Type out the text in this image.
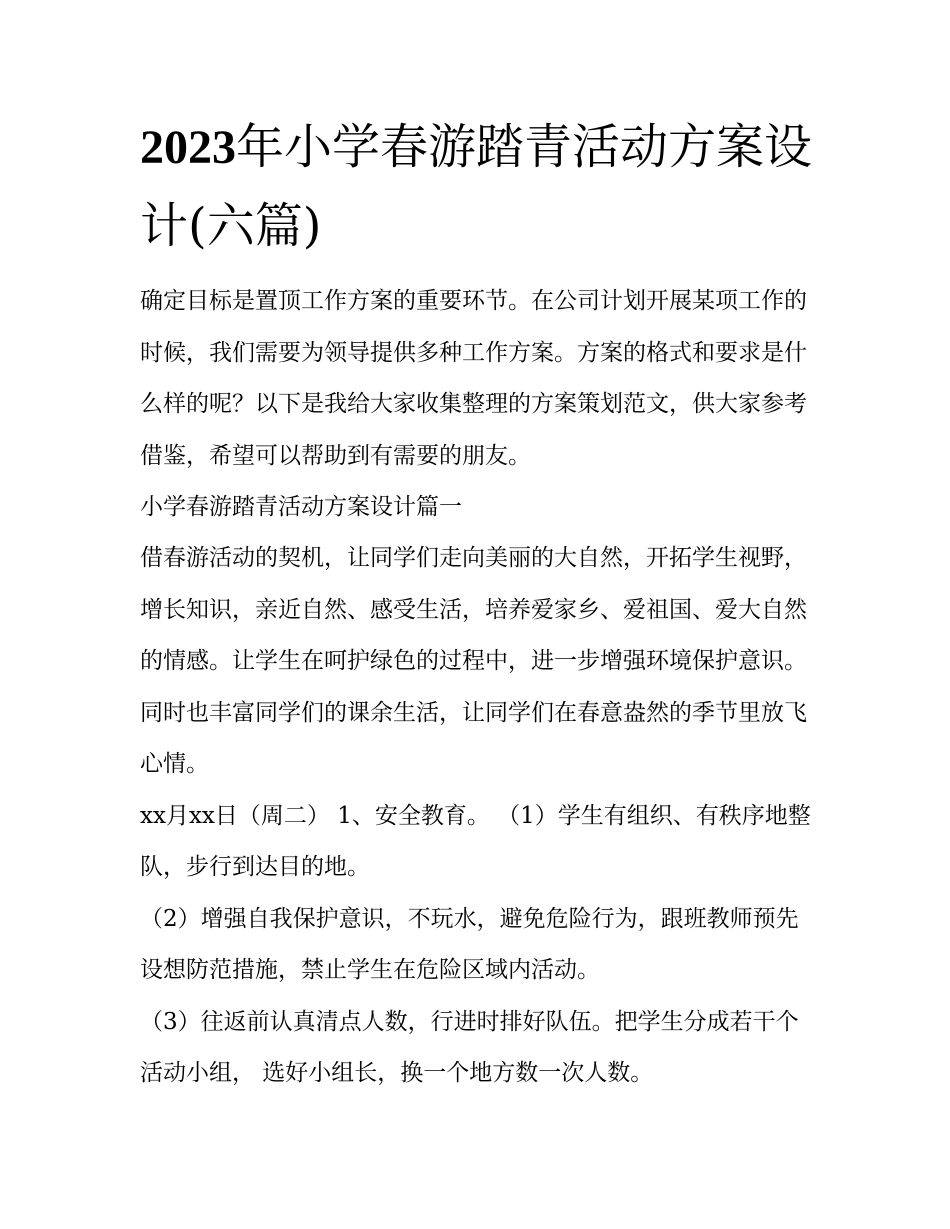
2023年小学春游踏青活动方案设计(六篇)

确定目标是置顶工作方案的重要环节。在公司计划开展某项工作的时候，我们需要为领导提供多种工作方案。方案的格式和要求是什么样的呢？以下是我给大家收集整理的方案策划范文，供大家参考借鉴，希望可以帮助到有需要的朋友。

小学春游踏青活动方案设计篇一

借春游活动的契机，让同学们走向美丽的大自然，开拓学生视野，增长知识，亲近自然、感受生活，培养爱家乡、爱祖国、爱大自然的情感。让学生在呵护绿色的过程中，进一步增强环境保护意识。同时也丰富同学们的课余生活，让同学们在春意盎然的季节里放飞心情。

xx月xx日（周二） 1、安全教育。 （1）学生有组织、有秩序地整队，步行到达目的地。

（2）增强自我保护意识，不玩水，避免危险行为，跟班教师预先设想防范措施，禁止学生在危险区域内活动。

（3）往返前认真清点人数，行进时排好队伍。把学生分成若干个活动小组， 选好小组长，换一个地方数一次人数。
